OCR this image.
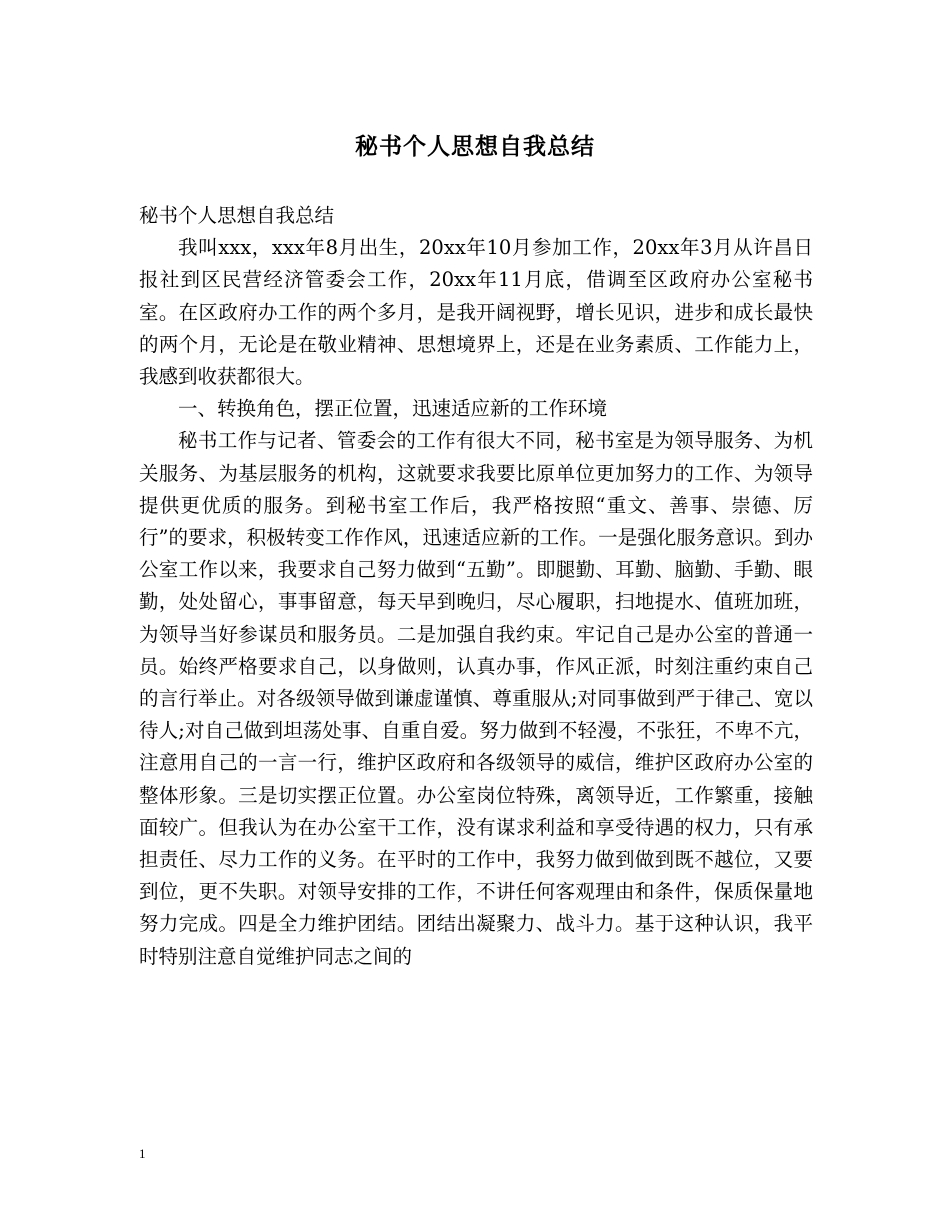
秘书个人思想自我总结

秘书个人思想自我总结

我叫xxx，xxx年8月出生，20xx年10月参加工作，20xx年3月从许昌日报社到区民营经济管委会工作，20xx年11月底，借调至区政府办公室秘书室。在区政府办工作的两个多月，是我开阔视野，增长见识，进步和成长最快的两个月，无论是在敬业精神、思想境界上，还是在业务素质、工作能力上，我感到收获都很大。

一、转换角色，摆正位置，迅速适应新的工作环境

秘书工作与记者、管委会的工作有很大不同，秘书室是为领导服务、为机关服务、为基层服务的机构，这就要求我要比原单位更加努力的工作、为领导提供更优质的服务。到秘书室工作后，我严格按照“重文、善事、崇德、厉行”的要求，积极转变工作作风，迅速适应新的工作。一是强化服务意识。到办公室工作以来，我要求自己努力做到“五勤”。即腿勤、耳勤、脑勤、手勤、眼勤，处处留心，事事留意，每天早到晚归，尽心履职，扫地提水、值班加班，为领导当好参谋员和服务员。二是加强自我约束。牢记自己是办公室的普通一员。始终严格要求自己，以身做则，认真办事，作风正派，时刻注重约束自己的言行举止。对各级领导做到谦虚谨慎、尊重服从;对同事做到严于律己、宽以待人;对自己做到坦荡处事、自重自爱。努力做到不轻漫，不张狂，不卑不亢，注意用自己的一言一行，维护区政府和各级领导的威信，维护区政府办公室的整体形象。三是切实摆正位置。办公室岗位特殊，离领导近，工作繁重，接触面较广。但我认为在办公室干工作，没有谋求利益和享受待遇的权力，只有承担责任、尽力工作的义务。在平时的工作中，我努力做到做到既不越位，又要到位，更不失职。对领导安排的工作，不讲任何客观理由和条件，保质保量地努力完成。四是全力维护团结。团结出凝聚力、战斗力。基于这种认识，我平时特别注意自觉维护同志之间的

1
